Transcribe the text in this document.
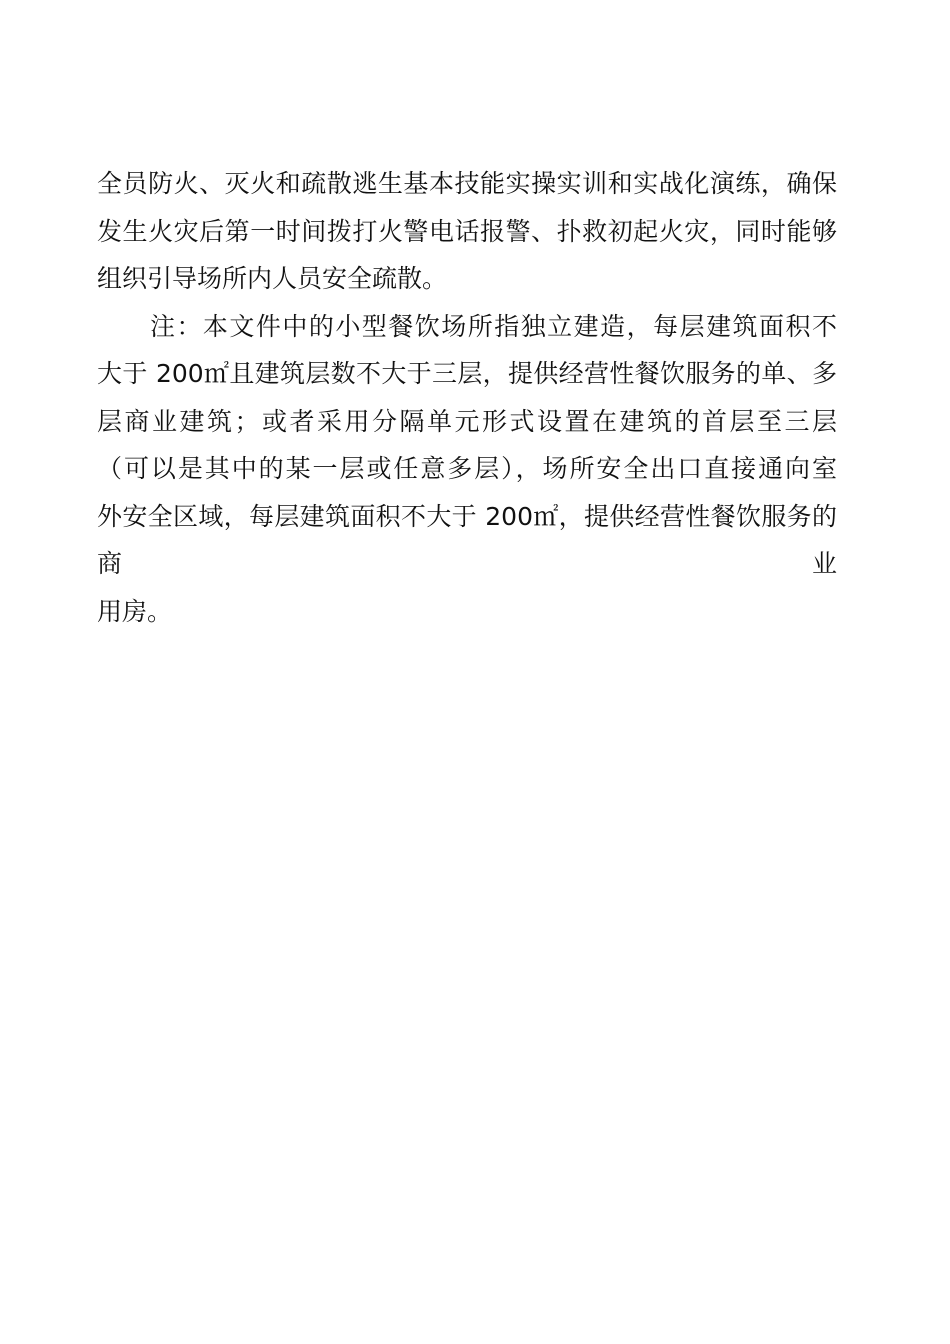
全员防火、灭火和疏散逃生基本技能实操实训和实战化演练，确保
发生火灾后第一时间拨打火警电话报警、扑救初起火灾，同时能够
组织引导场所内人员安全疏散。
　　注：本文件中的小型餐饮场所指独立建造，每层建筑面积不
大于 200㎡且建筑层数不大于三层，提供经营性餐饮服务的单、多
层商业建筑；或者采用分隔单元形式设置在建筑的首层至三层
（可以是其中的某一层或任意多层），场所安全出口直接通向室
外安全区域，每层建筑面积不大于 200㎡，提供经营性餐饮服务的
商	业
用房。
